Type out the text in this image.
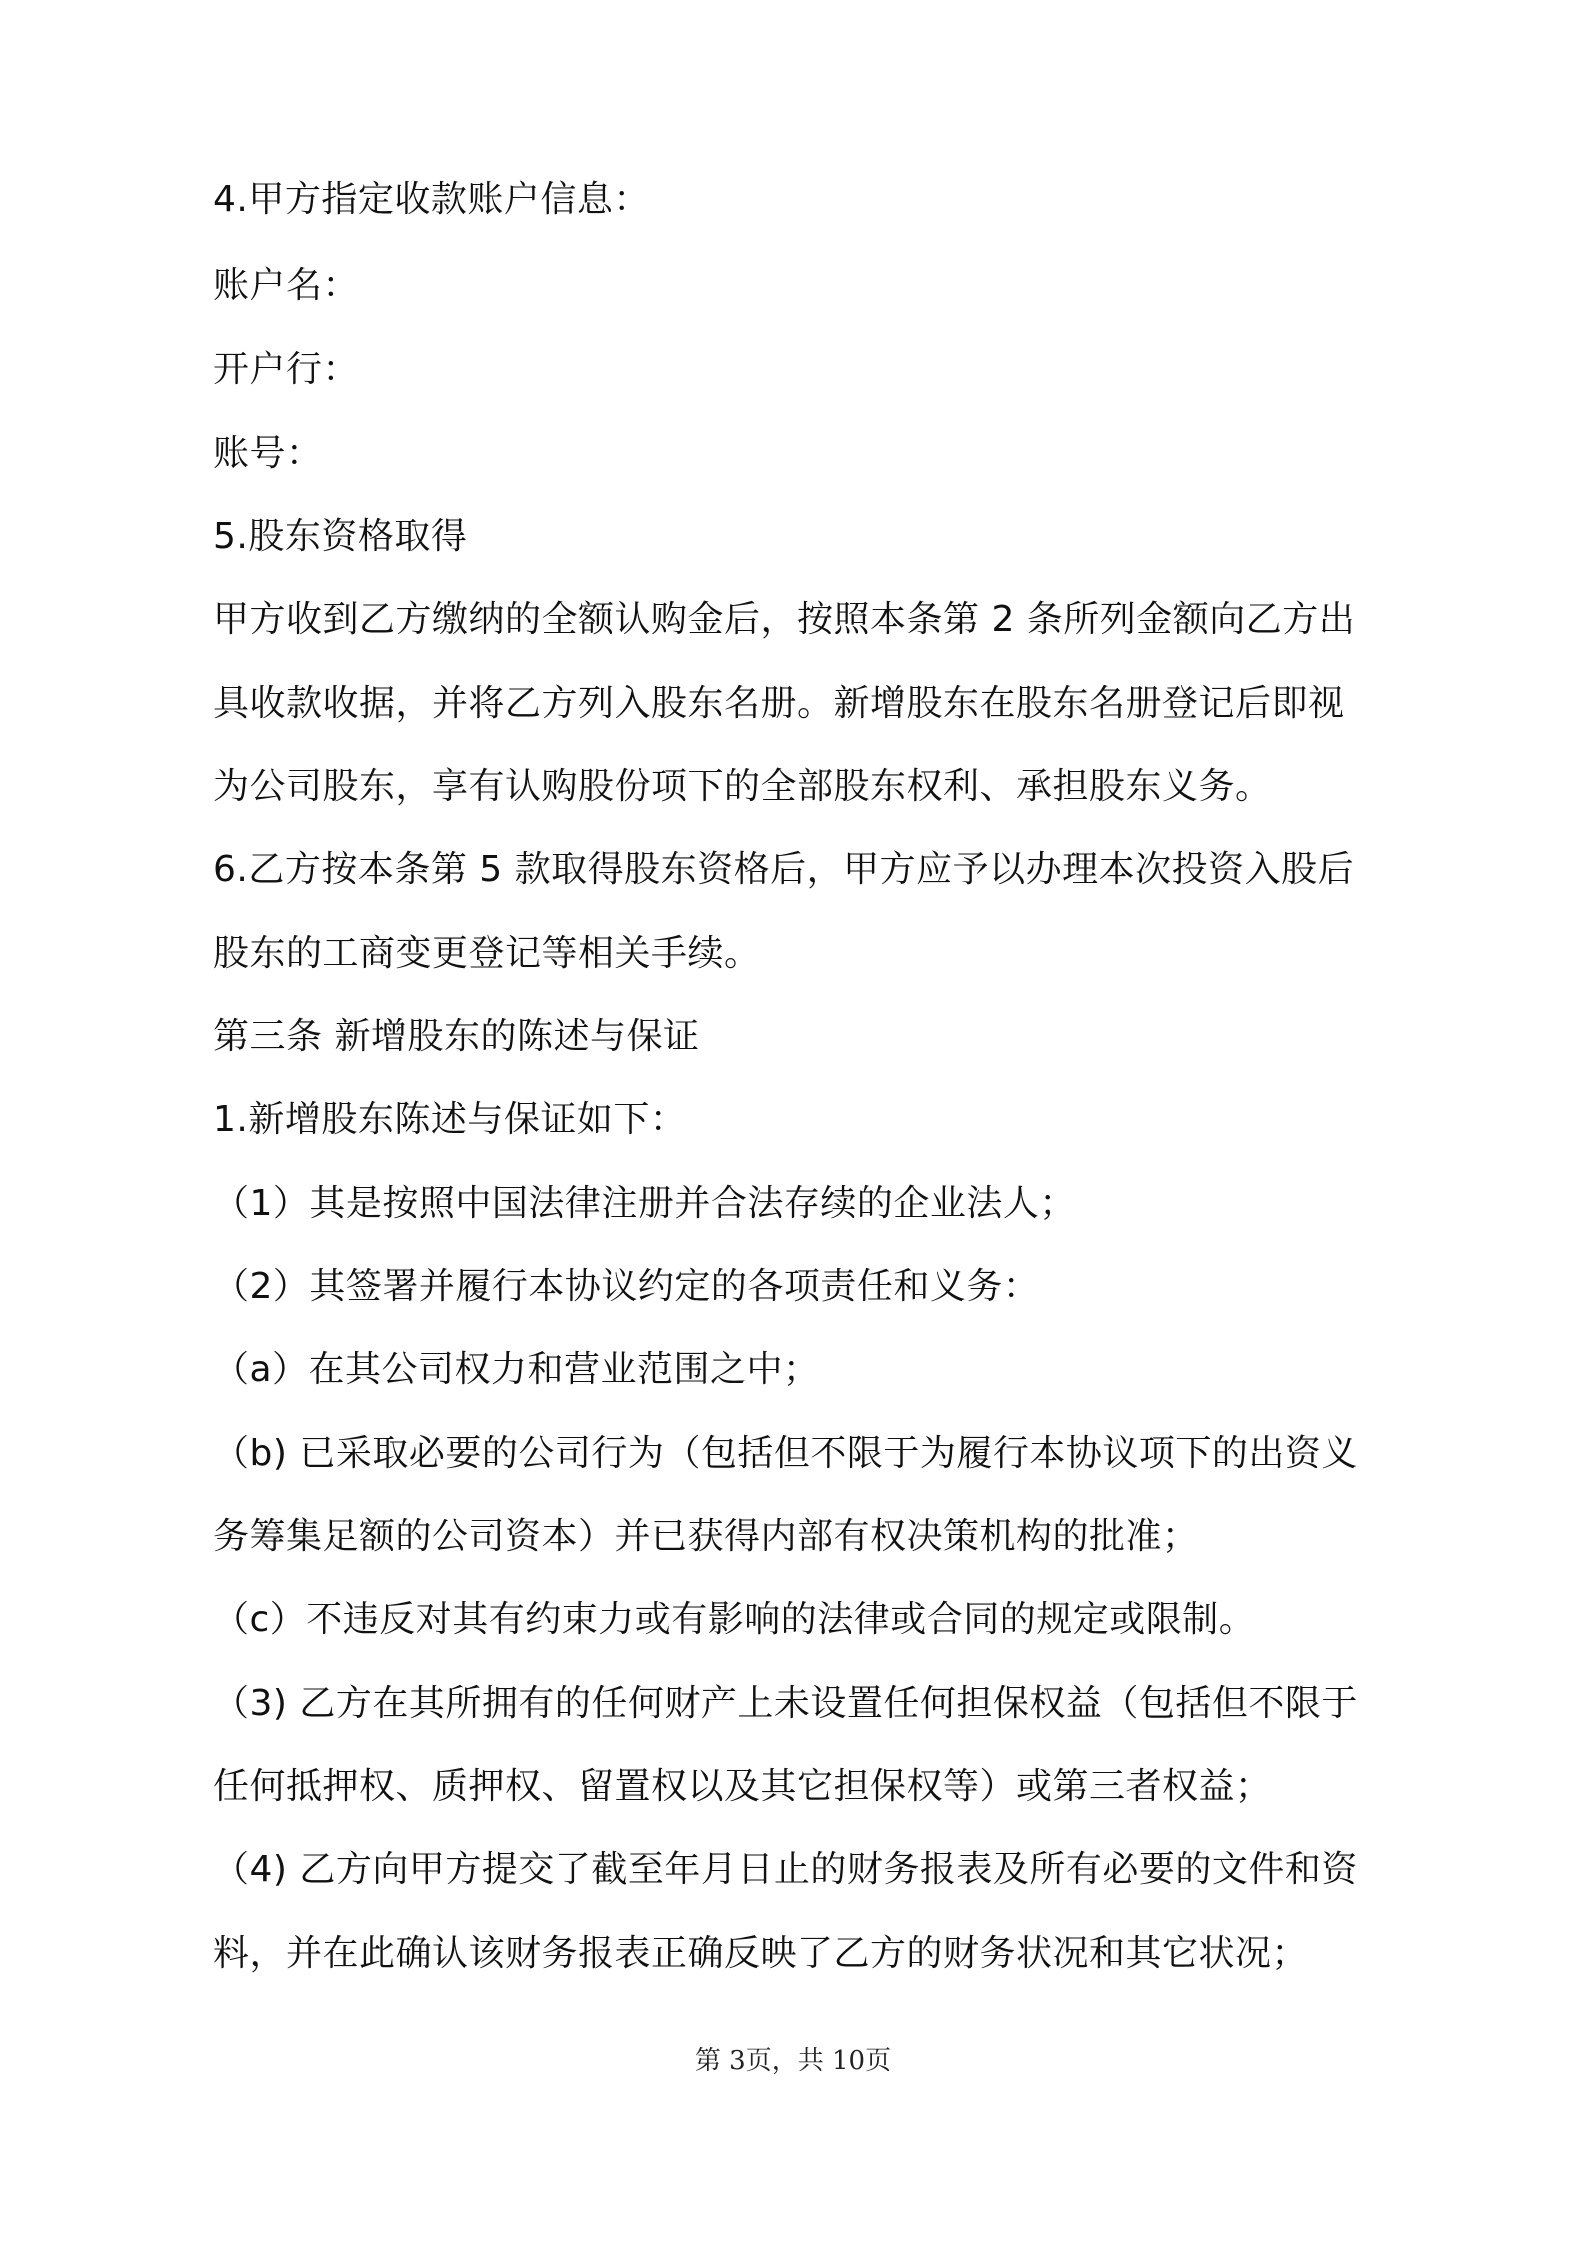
4.甲方指定收款账户信息：
账户名：
开户行：
账号：
5.股东资格取得
甲方收到乙方缴纳的全额认购金后，按照本条第 2 条所列金额向乙方出
具收款收据，并将乙方列入股东名册。新增股东在股东名册登记后即视
为公司股东，享有认购股份项下的全部股东权利、承担股东义务。
6.乙方按本条第 5 款取得股东资格后，甲方应予以办理本次投资入股后
股东的工商变更登记等相关手续。
第三条 新增股东的陈述与保证
1.新增股东陈述与保证如下：
（1）其是按照中国法律注册并合法存续的企业法人；
（2）其签署并履行本协议约定的各项责任和义务：
（a）在其公司权力和营业范围之中；
（b) 已采取必要的公司行为（包括但不限于为履行本协议项下的出资义
务筹集足额的公司资本）并已获得内部有权决策机构的批准；
（c）不违反对其有约束力或有影响的法律或合同的规定或限制。
（3) 乙方在其所拥有的任何财产上未设置任何担保权益（包括但不限于
任何抵押权、质押权、留置权以及其它担保权等）或第三者权益；
（4) 乙方向甲方提交了截至年月日止的财务报表及所有必要的文件和资
料，并在此确认该财务报表正确反映了乙方的财务状况和其它状况；
第 3页，共 10页
